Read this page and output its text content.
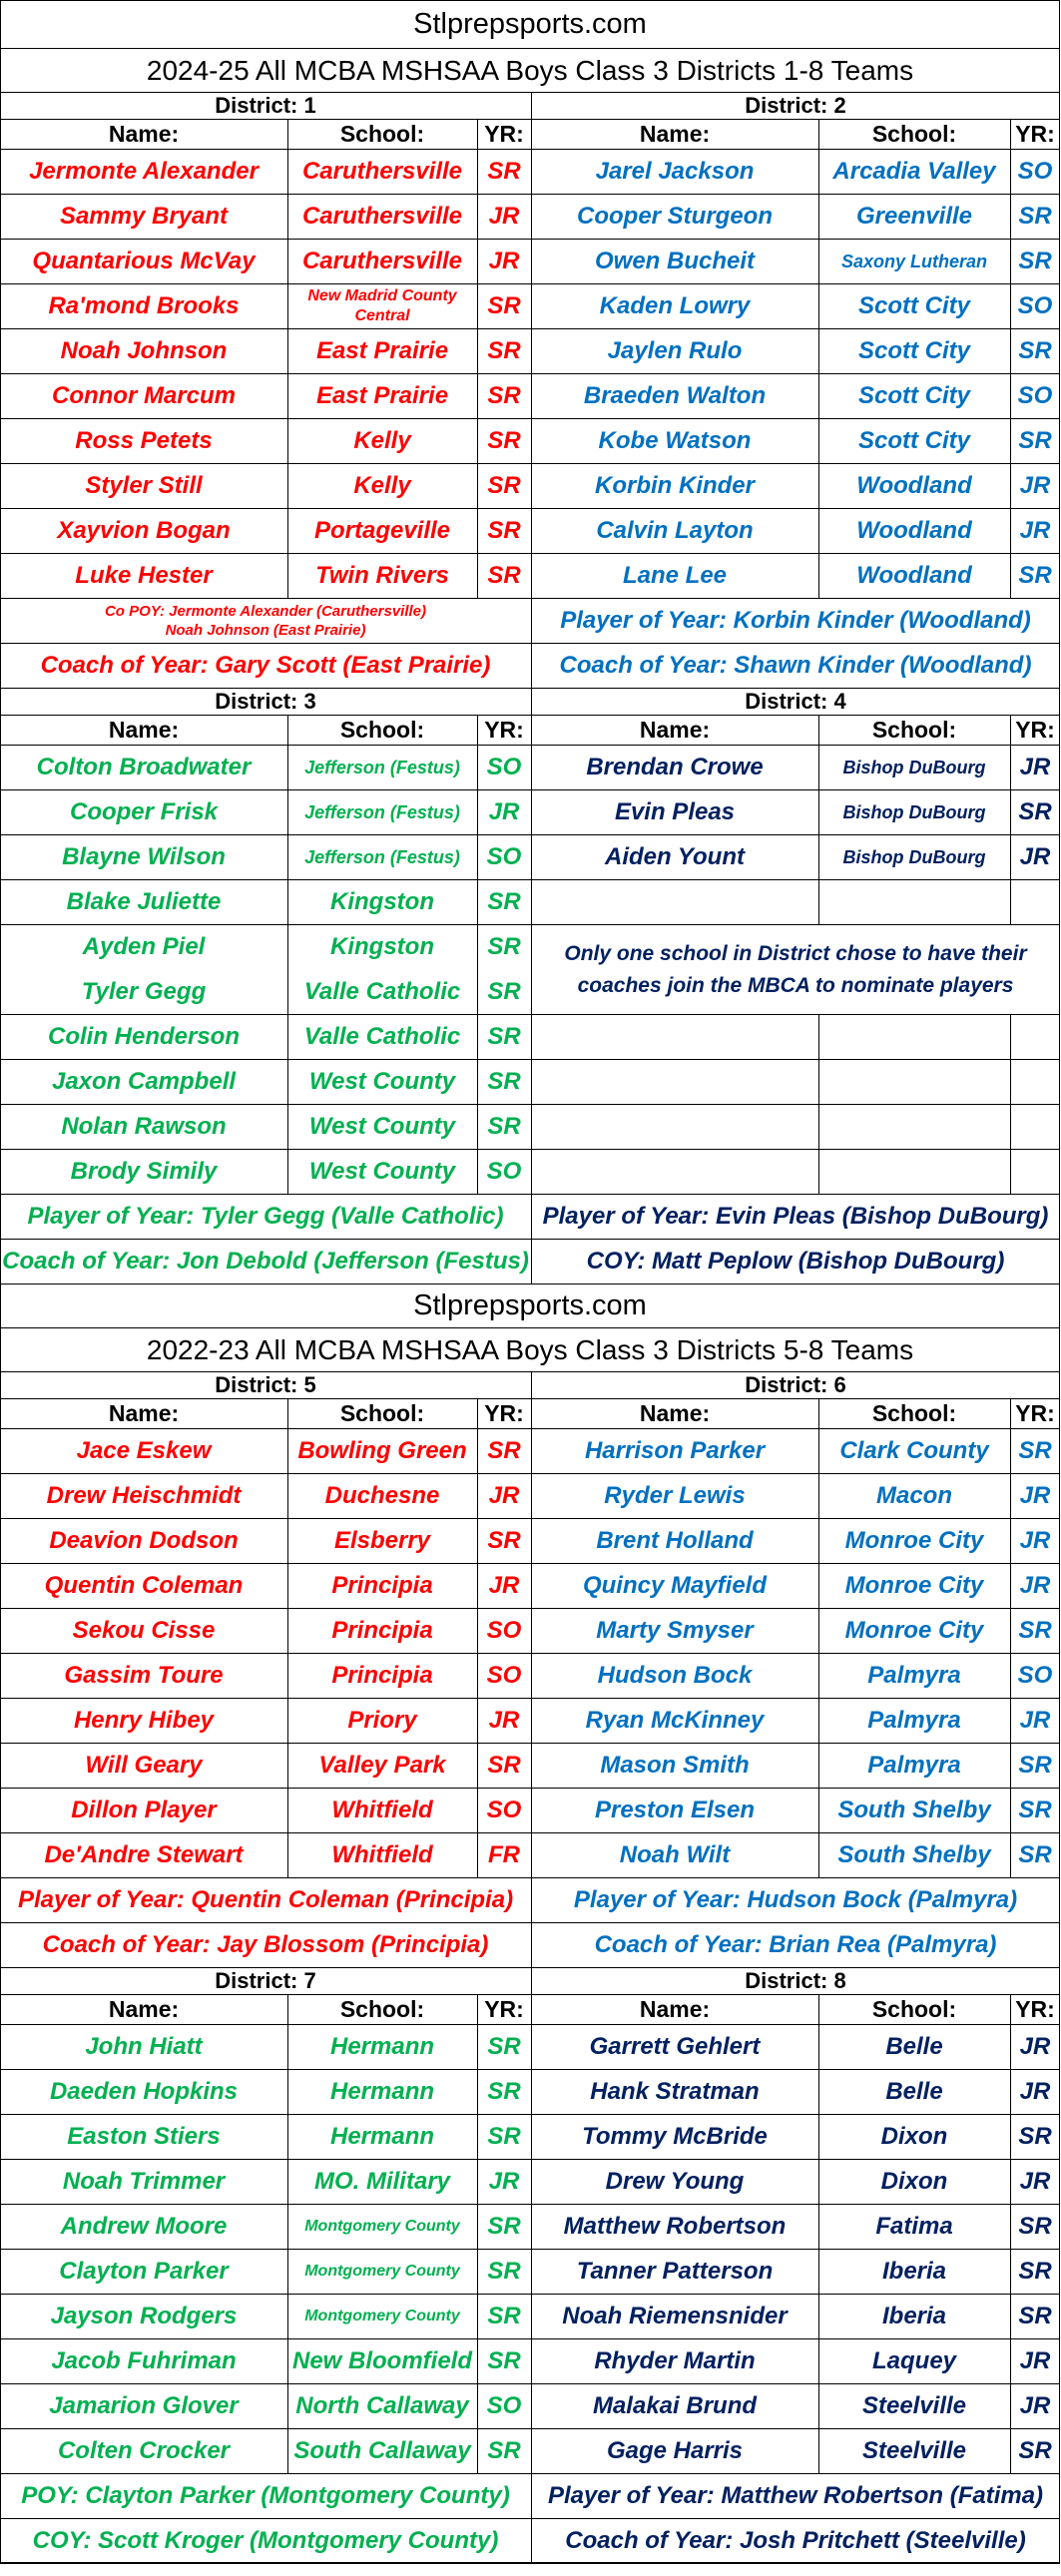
Stlprepsports.com
2024-25 All MCBA MSHSAA Boys Class 3 Districts 1-8 Teams
District: 1	District: 2
Name:	School:	YR:	Name:	School:	YR:
Jermonte Alexander	Caruthersville	SR	Jarel Jackson	Arcadia Valley SO
Sammy Bryant	Caruthersville	JR	Cooper Sturgeon	Greenville	SR
Quantarious McVay	Caruthersville	JR	Owen Bucheit	Saxony Lutheran	SR
Ra'mond Brooks	New Madrid County Central	SR	Kaden Lowry	Scott City	SO
Noah Johnson	East Prairie	SR	Jaylen Rulo	Scott City	SR
Connor Marcum	East Prairie	SR	Braeden Walton	Scott City	SO
Ross Petets	Kelly	SR	Kobe Watson	Scott City	SR
Styler Still	Kelly	SR	Korbin Kinder	Woodland	JR
Xayvion Bogan	Portageville	SR	Calvin Layton	Woodland	JR
Luke Hester	Twin Rivers	SR	Lane Lee	Woodland	SR
Co POY: Jermonte Alexander (Caruthersville)
Noah Johnson (East Prairie)	Player of Year: Korbin Kinder (Woodland)
Coach of Year: Gary Scott (East Prairie)	Coach of Year: Shawn Kinder (Woodland)
District: 3	District: 4
Name:	School:	YR:	Name:	School:	YR:
Colton Broadwater	Jefferson (Festus)	SO	Brendan Crowe	Bishop DuBourg	JR
Cooper Frisk	Jefferson (Festus)	JR	Evin Pleas	Bishop DuBourg	SR
Blayne Wilson	Jefferson (Festus)	SO	Aiden Yount	Bishop DuBourg	JR
Blake Juliette	Kingston	SR
Ayden Piel	Kingston	SR
Tyler Gegg	Valle Catholic	SR
Colin Henderson	Valle Catholic	SR
Jaxon Campbell	West County	SR
Nolan Rawson	West County	SR
Brody Simily	West County	SO
Only one school in District chose to have their coaches join the MBCA to nominate players
Player of Year: Tyler Gegg (Valle Catholic)	Player of Year: Evin Pleas (Bishop DuBourg)
Coach of Year: Jon Debold (Jefferson (Festus)	COY: Matt Peplow (Bishop DuBourg)
Stlprepsports.com
2022-23 All MCBA MSHSAA Boys Class 3 Districts 5-8 Teams
District: 5	District: 6
Name:	School:	YR:	Name:	School:	YR:
Jace Eskew	Bowling Green SR	Harrison Parker	Clark County	SR
Drew Heischmidt	Duchesne	JR	Ryder Lewis	Macon	JR
Deavion Dodson	Elsberry	SR	Brent Holland	Monroe City	JR
Quentin Coleman	Principia	JR	Quincy Mayfield	Monroe City	JR
Sekou Cisse	Principia	SO	Marty Smyser	Monroe City	SR
Gassim Toure	Principia	SO	Hudson Bock	Palmyra	SO
Henry Hibey	Priory	JR	Ryan McKinney	Palmyra	JR
Will Geary	Valley Park	SR	Mason Smith	Palmyra	SR
Dillon Player	Whitfield	SO	Preston Elsen	South Shelby	SR
De'Andre Stewart	Whitfield	FR	Noah Wilt	South Shelby	SR
Player of Year: Quentin Coleman (Principia)	Player of Year: Hudson Bock (Palmyra)
Coach of Year: Jay Blossom (Principia)	Coach of Year: Brian Rea (Palmyra)
District: 7	District: 8
Name:	School:	YR:	Name:	School:	YR:
John Hiatt	Hermann	SR	Garrett Gehlert	Belle	JR
Daeden Hopkins	Hermann	SR	Hank Stratman	Belle	JR
Easton Stiers	Hermann	SR	Tommy McBride	Dixon	SR
Noah Trimmer	MO. Military	JR	Drew Young	Dixon	JR
Andrew Moore	Montgomery County	SR	Matthew Robertson	Fatima	SR
Clayton Parker	Montgomery County	SR	Tanner Patterson	Iberia	SR
Jayson Rodgers	Montgomery County	SR	Noah Riemensnider	Iberia	SR
Jacob Fuhriman	New Bloomfield SR	Rhyder Martin	Laquey	JR
Jamarion Glover	North Callaway SO	Malakai Brund	Steelville	JR
Colten Crocker	South Callaway SR	Gage Harris	Steelville	SR
POY: Clayton Parker (Montgomery County)	Player of Year: Matthew Robertson (Fatima)
COY: Scott Kroger (Montgomery County)	Coach of Year: Josh Pritchett (Steelville)
